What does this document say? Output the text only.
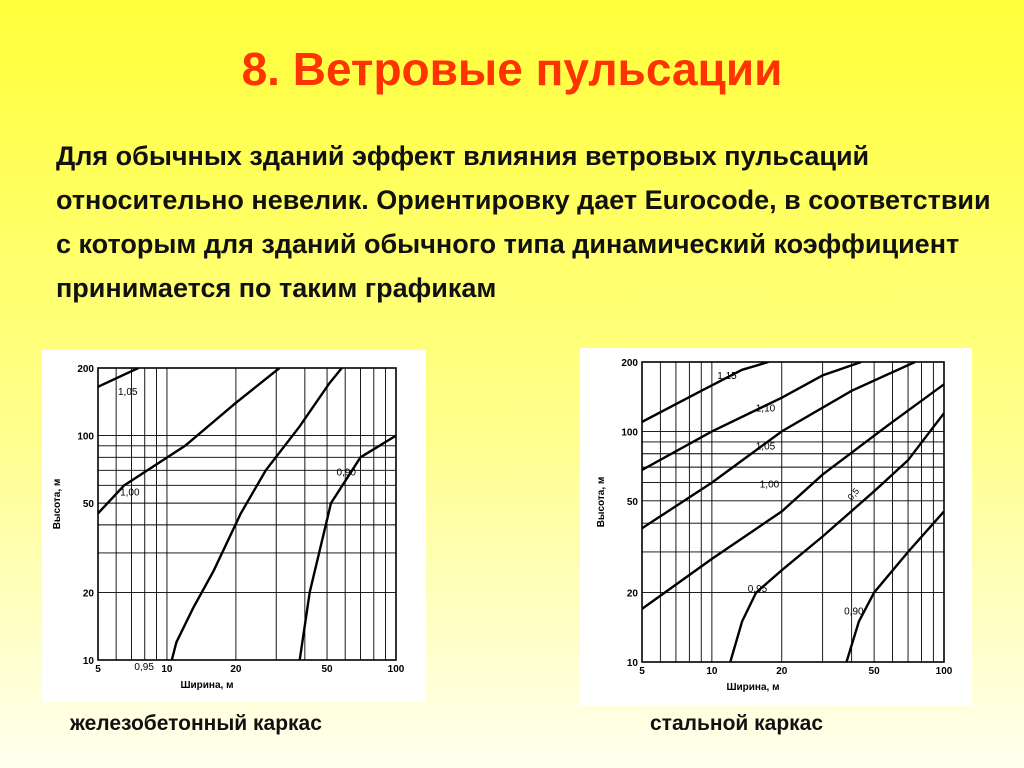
8. Ветровые пульсации

Для обычных зданий эффект влияния ветровых пульсаций относительно невелик. Ориентировку дает Eurocode, в соответствии с которым для зданий обычного типа динамический коэффициент принимается по таким графикам

1,05
1,00
0,95
0,90
5	10	20	50	100
10
20
50
100
200
Ширина, м
Высота, м
1,15
1,10
1,05
1,00
0,95
0,90
0,5
5	10	20	50	100
10
20
50
100
200
Ширина, м
Высота, м
железобетонный каркас	стальной каркас
